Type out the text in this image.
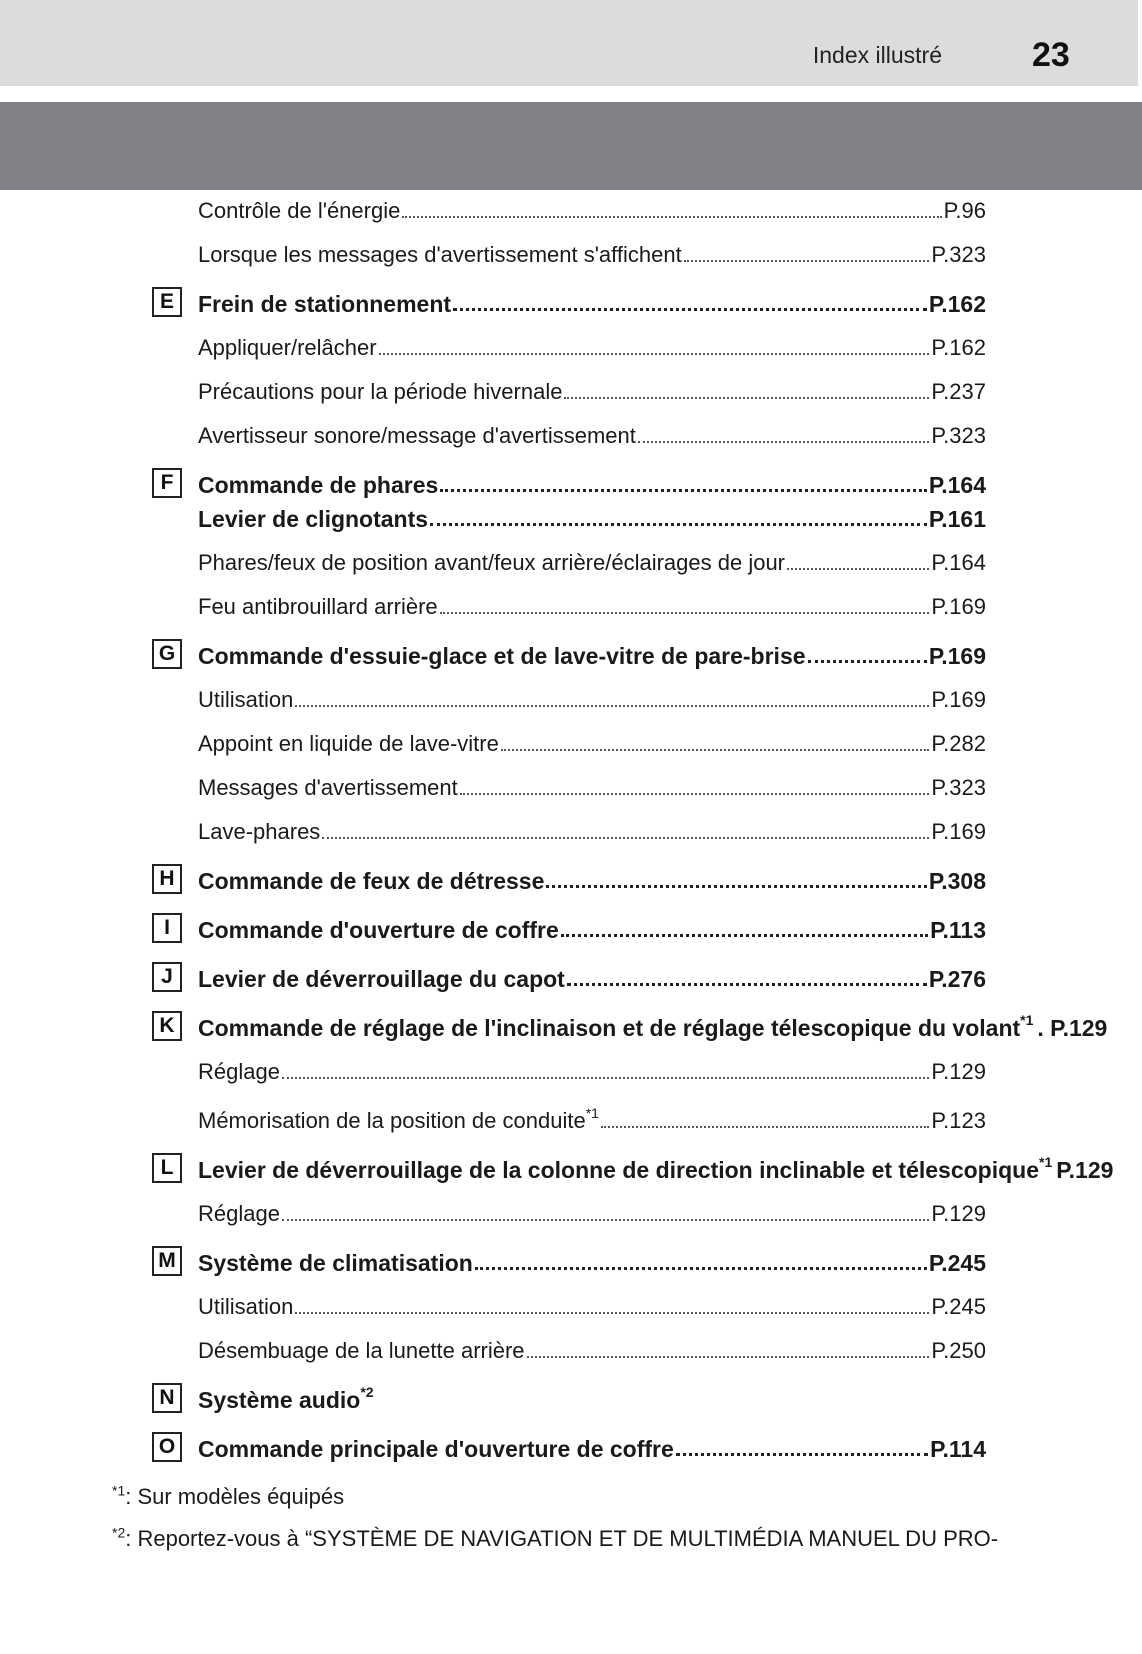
Index illustré	23
Contrôle de l'énergie	P.96
Lorsque les messages d'avertissement s'affichent	P.323
E	Frein de stationnement	P.162
Appliquer/relâcher	P.162
Précautions pour la période hivernale	P.237
Avertisseur sonore/message d'avertissement	P.323
F	Commande de phares	P.164
Levier de clignotants	P.161
Phares/feux de position avant/feux arrière/éclairages de jour	P.164
Feu antibrouillard arrière	P.169
G Commande d'essuie-glace et de lave-vitre de pare-brise	P.169
Utilisation	P.169
Appoint en liquide de lave-vitre	P.282
Messages d'avertissement	P.323
Lave-phares	P.169
H	Commande de feux de détresse	P.308
I	Commande d'ouverture de coffre	P.113
J	Levier de déverrouillage du capot	P.276
K	Commande de réglage de l'inclinaison et de réglage télescopique du volant$^{*1}$ . P.129
Réglage	P.129
Mémorisation de la position de conduite$^{*1}$	P.123
L	Levier de déverrouillage de la colonne de direction inclinable et télescopique$^{*1}$ P.129
Réglage	P.129
M Système de climatisation	P.245
Utilisation	P.245
Désembuage de la lunette arrière	P.250
N	Système audio$^{*2}$
O Commande principale d'ouverture de coffre	P.114
$^{*1}$: Sur modèles équipés
$^{*2}$: Reportez-vous à “SYSTÈME DE NAVIGATION ET DE MULTIMÉDIA MANUEL DU PRO-
